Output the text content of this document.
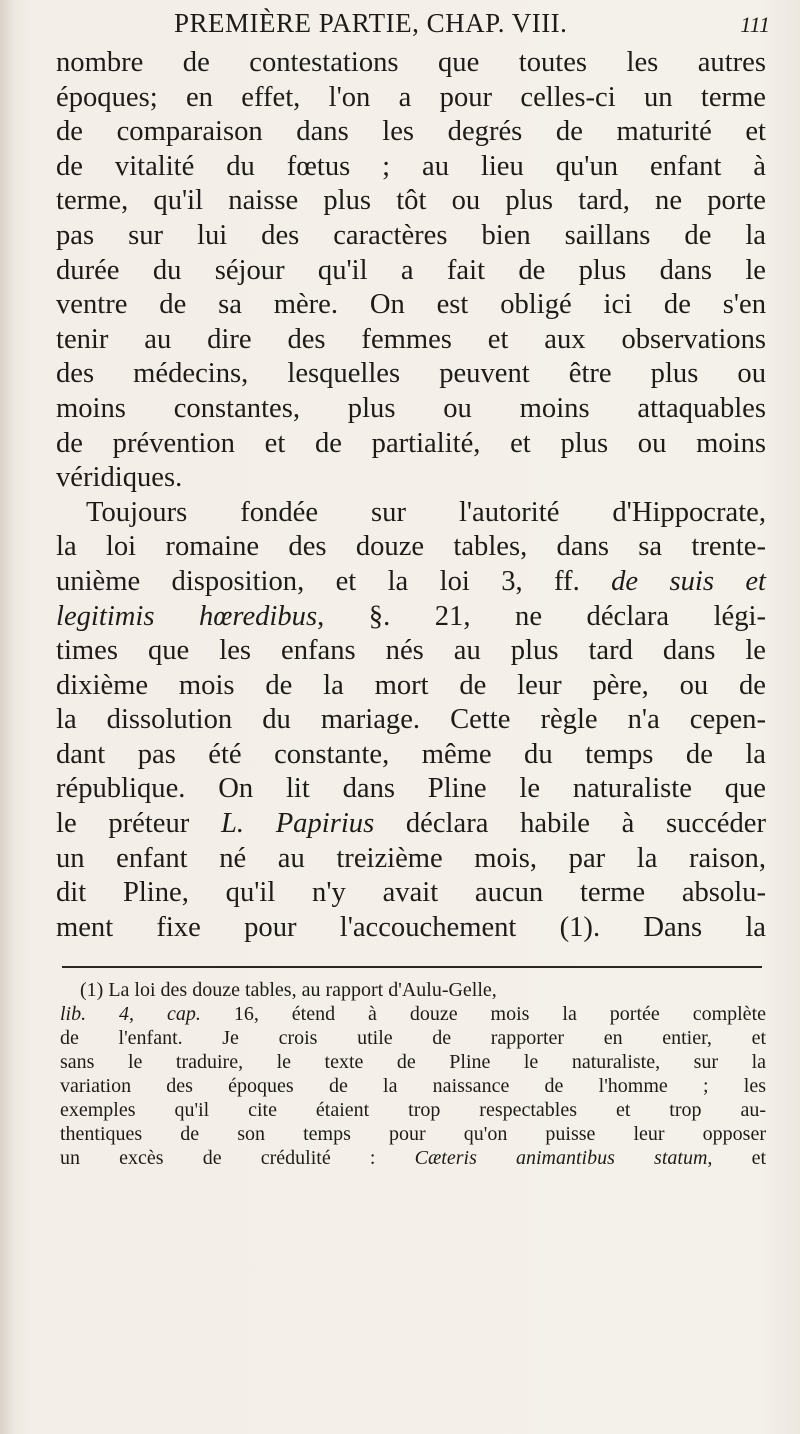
PREMIÈRE PARTIE, CHAP. VIII.	111
nombre de contestations que toutes les autres
époques; en effet, l'on a pour celles-ci un terme
de comparaison dans les degrés de maturité et
de vitalité du fœtus ; au lieu qu'un enfant à
terme, qu'il naisse plus tôt ou plus tard, ne porte
pas sur lui des caractères bien saillans de la
durée du séjour qu'il a fait de plus dans le
ventre de sa mère. On est obligé ici de s'en
tenir au dire des femmes et aux observations
des médecins, lesquelles peuvent être plus ou
moins constantes, plus ou moins attaquables
de prévention et de partialité, et plus ou moins
véridiques.
Toujours fondée sur l'autorité d'Hippocrate,
la loi romaine des douze tables, dans sa trente-
unième disposition, et la loi 3, ff. de suis et
legitimis hœredibus, §. 21, ne déclara légi-
times que les enfans nés au plus tard dans le
dixième mois de la mort de leur père, ou de
la dissolution du mariage. Cette règle n'a cepen-
dant pas été constante, même du temps de la
république. On lit dans Pline le naturaliste que
le préteur L. Papirius déclara habile à succéder
un enfant né au treizième mois, par la raison,
dit Pline, qu'il n'y avait aucun terme absolu-
ment fixe pour l'accouchement (1). Dans la
(1) La loi des douze tables, au rapport d'Aulu-Gelle,
lib. 4, cap. 16, étend à douze mois la portée complète
de l'enfant. Je crois utile de rapporter en entier, et
sans le traduire, le texte de Pline le naturaliste, sur la
variation des époques de la naissance de l'homme ; les
exemples qu'il cite étaient trop respectables et trop au-
thentiques de son temps pour qu'on puisse leur opposer
un excès de crédulité : Cæteris animantibus statum, et
